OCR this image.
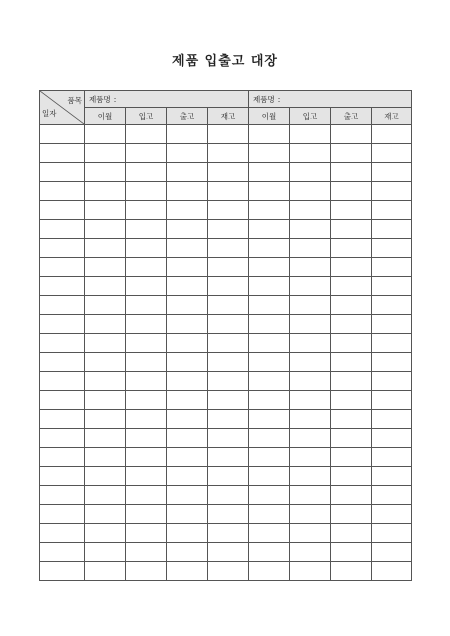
제품 입출고 대장
품목
일자	제품명 :				제품명 :			
	이월	입고	출고	재고	이월	입고	출고	재고
